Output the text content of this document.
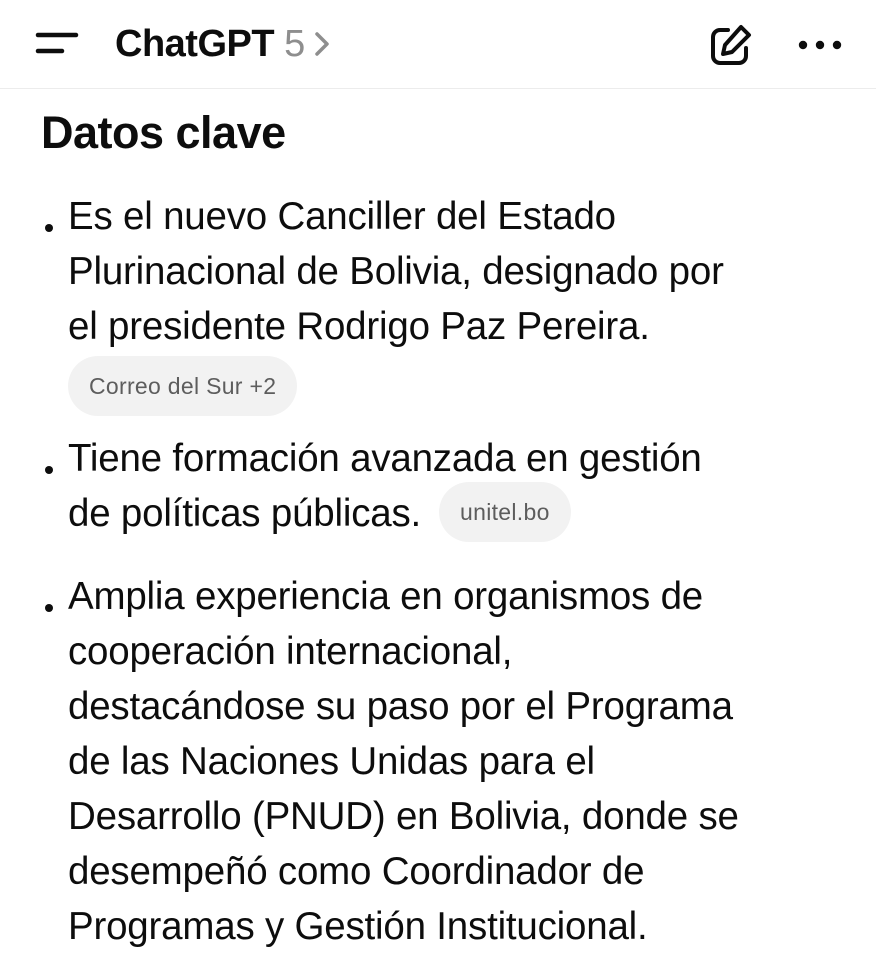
ChatGPT 5
Datos clave
Es el nuevo Canciller del Estado
Plurinacional de Bolivia, designado por
el presidente Rodrigo Paz Pereira.
Correo del Sur +2
Tiene formación avanzada en gestión
de políticas públicas. unitel.bo
Amplia experiencia en organismos de
cooperación internacional,
destacándose su paso por el Programa
de las Naciones Unidas para el
Desarrollo (PNUD) en Bolivia, donde se
desempeñó como Coordinador de
Programas y Gestión Institucional.
